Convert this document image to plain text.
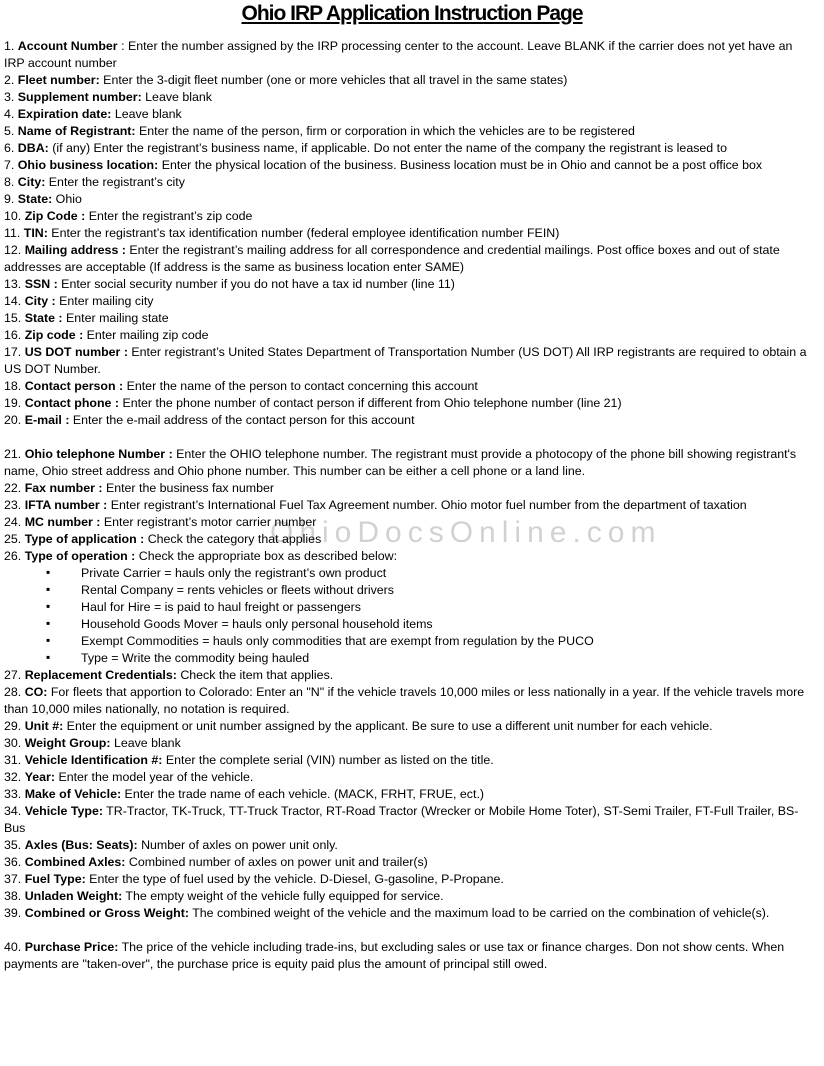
Ohio IRP Application Instruction Page
OhioDocsOnline.com

1. Account Number : Enter the number assigned by the IRP processing center to the account. Leave BLANK if the carrier does not yet have an IRP account number

2. Fleet number: Enter the 3-digit fleet number (one or more vehicles that all travel in the same states)

3. Supplement number: Leave blank

4. Expiration date: Leave blank

5. Name of Registrant: Enter the name of the person, firm or corporation in which the vehicles are to be registered

6. DBA: (if any) Enter the registrant’s business name, if applicable. Do not enter the name of the company the registrant is leased to

7. Ohio business location: Enter the physical location of the business. Business location must be in Ohio and cannot be a post office box

8. City: Enter the registrant’s city

9. State: Ohio

10. Zip Code : Enter the registrant’s zip code

11. TIN: Enter the registrant’s tax identification number (federal employee identification number FEIN)

12. Mailing address : Enter the registrant’s mailing address for all correspondence and credential mailings. Post office boxes and out of state addresses are acceptable (If address is the same as business location enter SAME)

13. SSN : Enter social security number if you do not have a tax id number (line 11)

14. City : Enter mailing city

15. State : Enter mailing state

16. Zip code : Enter mailing zip code

17. US DOT number : Enter registrant’s United States Department of Transportation Number (US DOT) All IRP registrants are required to obtain a US DOT Number.

18. Contact person : Enter the name of the person to contact concerning this account

19. Contact phone : Enter the phone number of contact person if different from Ohio telephone number (line 21)

20. E-mail : Enter the e-mail address of the contact person for this account

21. Ohio telephone Number : Enter the OHIO telephone number. The registrant must provide a photocopy of the phone bill showing registrant's name, Ohio street address and Ohio phone number. This number can be either a cell phone or a land line.

22. Fax number : Enter the business fax number

23. IFTA number : Enter registrant’s International Fuel Tax Agreement number. Ohio motor fuel number from the department of taxation

24. MC number : Enter registrant’s motor carrier number

25. Type of application : Check the category that applies

26. Type of operation : Check the appropriate box as described below:

▪ Private Carrier = hauls only the registrant’s own product
▪ Rental Company = rents vehicles or fleets without drivers
▪ Haul for Hire = is paid to haul freight or passengers
▪ Household Goods Mover = hauls only personal household items
▪ Exempt Commodities = hauls only commodities that are exempt from regulation by the PUCO
▪ Type = Write the commodity being hauled

27. Replacement Credentials: Check the item that applies.

28. CO: For fleets that apportion to Colorado: Enter an "N" if the vehicle travels 10,000 miles or less nationally in a year. If the vehicle travels more than 10,000 miles nationally, no notation is required.

29. Unit #: Enter the equipment or unit number assigned by the applicant. Be sure to use a different unit number for each vehicle.

30. Weight Group: Leave blank

31. Vehicle Identification #: Enter the complete serial (VIN) number as listed on the title.

32. Year: Enter the model year of the vehicle.

33. Make of Vehicle: Enter the trade name of each vehicle. (MACK, FRHT, FRUE, ect.)

34. Vehicle Type: TR-Tractor, TK-Truck, TT-Truck Tractor, RT-Road Tractor (Wrecker or Mobile Home Toter), ST-Semi Trailer, FT-Full Trailer, BS-Bus

35. Axles (Bus: Seats): Number of axles on power unit only.

36. Combined Axles: Combined number of axles on power unit and trailer(s)

37. Fuel Type: Enter the type of fuel used by the vehicle. D-Diesel, G-gasoline, P-Propane.

38. Unladen Weight: The empty weight of the vehicle fully equipped for service.

39. Combined or Gross Weight: The combined weight of the vehicle and the maximum load to be carried on the combination of vehicle(s).

40. Purchase Price: The price of the vehicle including trade-ins, but excluding sales or use tax or finance charges. Don not show cents. When payments are "taken-over", the purchase price is equity paid plus the amount of principal still owed.
